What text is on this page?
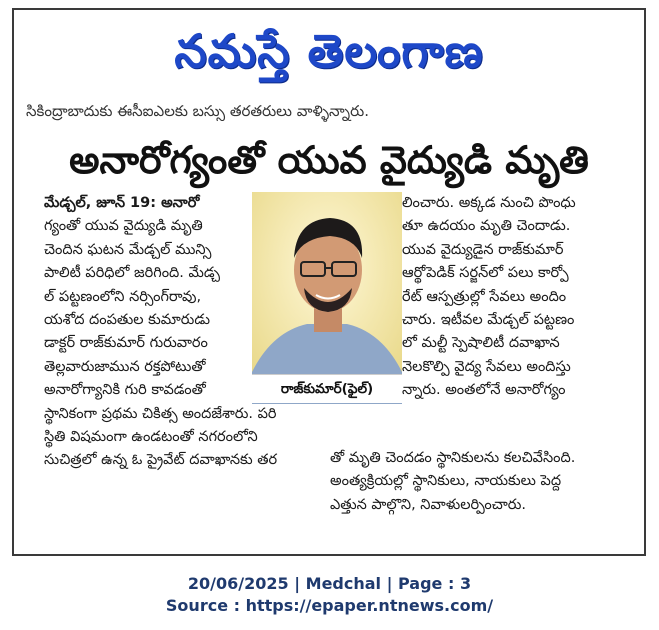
నమస్తే తెలంగాణ
సికింద్రాబాదుకు ఈసీఐఎలకు బస్సు తరతరులు వాళ్ళిన్నారు.
అనారోగ్యంతో యువ వైద్యుడి మృతి

మేడ్చల్, జూన్ 19: అనారో

గ్యంతో యువ వైద్యుడి మృతి

చెందిన ఘటన మేడ్చల్ మున్సి

పాలిటీ పరిధిలో జరిగింది. మేడ్చ

ల్ పట్టణంలోని నర్సింగ్‌రావు,

యశోద దంపతుల కుమారుడు

డాక్టర్ రాజ్‌కుమార్ గురువారం

తెల్లవారుజామున రక్తపోటుతో

అనారోగ్యానికి గురి కావడంతో

స్థానికంగా ప్రథమ చికిత్స అందజేశారు. పరి

స్థితి విషమంగా ఉండటంతో నగరంలోని

సుచిత్రలో ఉన్న ఓ ప్రైవేట్ దవాఖానకు తర

రాజ్‌కుమార్(ఫైల్)

లించారు. అక్కడ నుంచి పొంధు

తూ ఉదయం మృతి చెందాడు.

యువ వైద్యుడైన రాజ్‌కుమార్

ఆర్థోపెడిక్ సర్జన్‌లో పలు కార్పో

రేట్ ఆస్పత్రుల్లో సేవలు అందిం

చారు. ఇటీవల మేడ్చల్ పట్టణం

లో మల్టీ స్పెషాలిటీ దవాఖాన

నెలకొల్పి వైద్య సేవలు అందిస్తు

న్నారు. అంతలోనే అనారోగ్యం

తో మృతి చెందడం స్థానికులను కలచివేసింది.

అంత్యక్రియల్లో స్థానికులు, నాయకులు పెద్ద

ఎత్తున పాల్గొని, నివాళులర్పించారు.

20/06/2025 | Medchal | Page : 3
Source : https://epaper.ntnews.com/
